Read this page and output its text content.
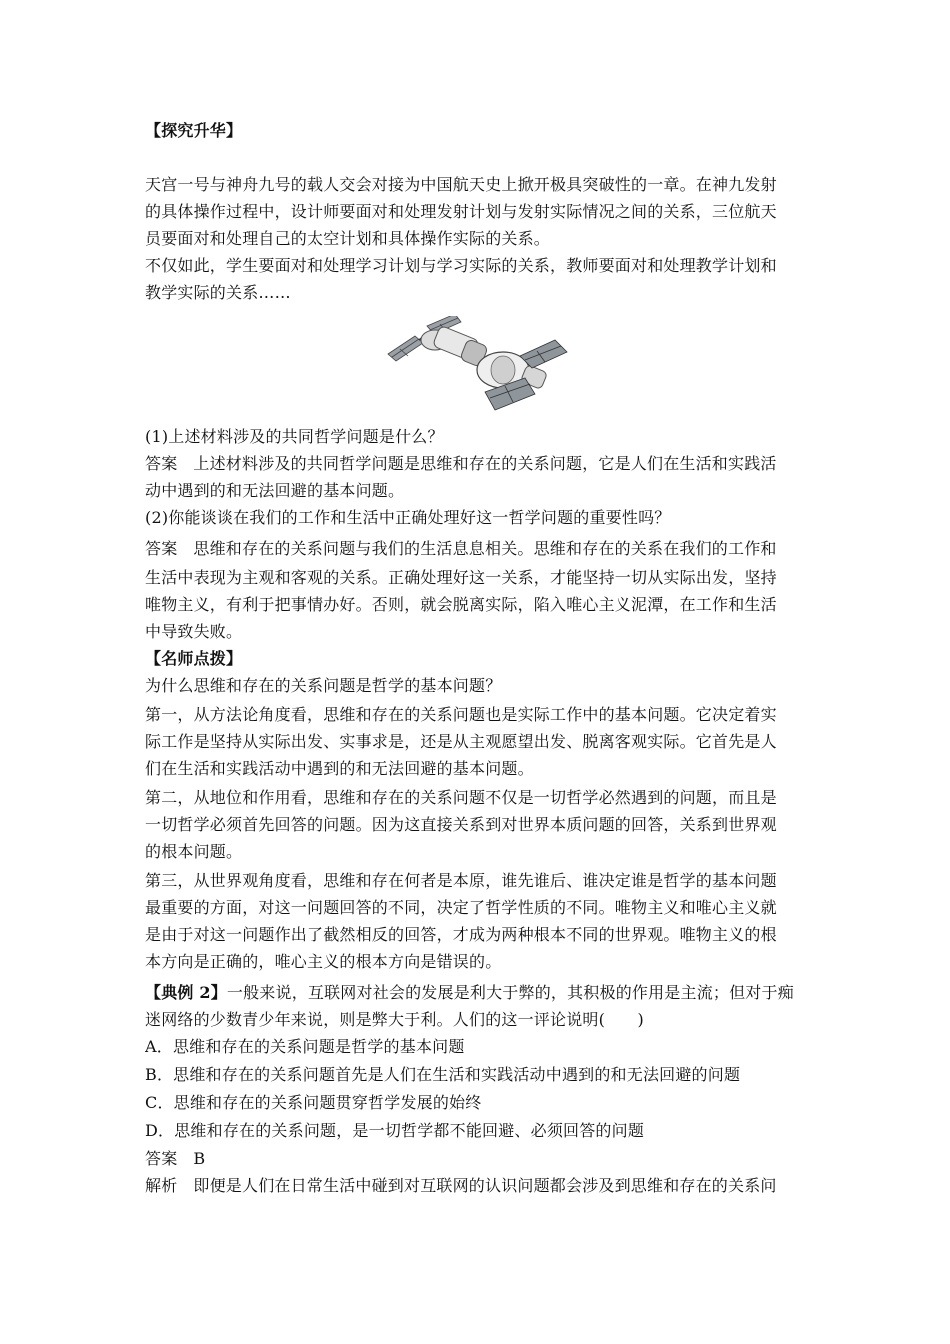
【探究升华】
天宫一号与神舟九号的载人交会对接为中国航天史上掀开极具突破性的一章。在神九发射
的具体操作过程中，设计师要面对和处理发射计划与发射实际情况之间的关系，三位航天
员要面对和处理自己的太空计划和具体操作实际的关系。
不仅如此，学生要面对和处理学习计划与学习实际的关系，教师要面对和处理教学计划和
教学实际的关系……
(1)上述材料涉及的共同哲学问题是什么？
答案 上述材料涉及的共同哲学问题是思维和存在的关系问题，它是人们在生活和实践活
动中遇到的和无法回避的基本问题。
(2)你能谈谈在我们的工作和生活中正确处理好这一哲学问题的重要性吗？
答案 思维和存在的关系问题与我们的生活息息相关。思维和存在的关系在我们的工作和
生活中表现为主观和客观的关系。正确处理好这一关系，才能坚持一切从实际出发，坚持
唯物主义，有利于把事情办好。否则，就会脱离实际，陷入唯心主义泥潭，在工作和生活
中导致失败。
【名师点拨】
为什么思维和存在的关系问题是哲学的基本问题？
第一，从方法论角度看，思维和存在的关系问题也是实际工作中的基本问题。它决定着实
际工作是坚持从实际出发、实事求是，还是从主观愿望出发、脱离客观实际。它首先是人
们在生活和实践活动中遇到的和无法回避的基本问题。
第二，从地位和作用看，思维和存在的关系问题不仅是一切哲学必然遇到的问题，而且是
一切哲学必须首先回答的问题。因为这直接关系到对世界本质问题的回答，关系到世界观
的根本问题。
第三，从世界观角度看，思维和存在何者是本原，谁先谁后、谁决定谁是哲学的基本问题
最重要的方面，对这一问题回答的不同，决定了哲学性质的不同。唯物主义和唯心主义就
是由于对这一问题作出了截然相反的回答，才成为两种根本不同的世界观。唯物主义的根
本方向是正确的，唯心主义的根本方向是错误的。
【典例 2】一般来说，互联网对社会的发展是利大于弊的，其积极的作用是主流；但对于痴
迷网络的少数青少年来说，则是弊大于利。人们的这一评论说明(　　)
A．思维和存在的关系问题是哲学的基本问题
B．思维和存在的关系问题首先是人们在生活和实践活动中遇到的和无法回避的问题
C．思维和存在的关系问题贯穿哲学发展的始终
D．思维和存在的关系问题，是一切哲学都不能回避、必须回答的问题
答案 B
解析 即便是人们在日常生活中碰到对互联网的认识问题都会涉及到思维和存在的关系问
